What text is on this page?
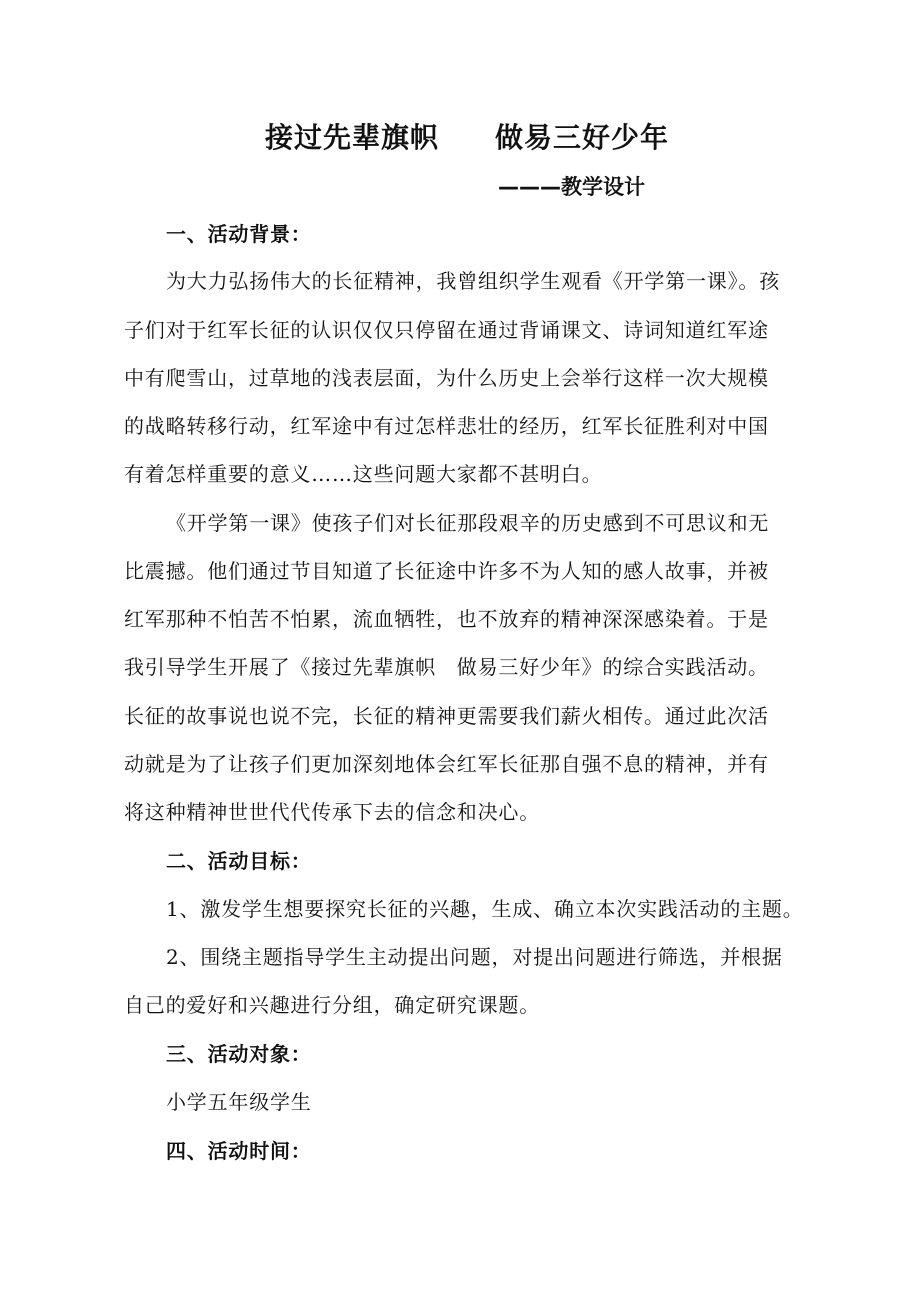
接过先辈旗帜 做易三好少年
———教学设计
一、活动背景：
为大力弘扬伟大的长征精神，我曾组织学生观看《开学第一课》。孩
子们对于红军长征的认识仅仅只停留在通过背诵课文、诗词知道红军途
中有爬雪山，过草地的浅表层面，为什么历史上会举行这样一次大规模
的战略转移行动，红军途中有过怎样悲壮的经历，红军长征胜利对中国
有着怎样重要的意义……这些问题大家都不甚明白。
《开学第一课》使孩子们对长征那段艰辛的历史感到不可思议和无
比震撼。他们通过节目知道了长征途中许多不为人知的感人故事，并被
红军那种不怕苦不怕累，流血牺牲，也不放弃的精神深深感染着。于是
我引导学生开展了《接过先辈旗帜　做易三好少年》的综合实践活动。
长征的故事说也说不完，长征的精神更需要我们薪火相传。通过此次活
动就是为了让孩子们更加深刻地体会红军长征那自强不息的精神，并有
将这种精神世世代代传承下去的信念和决心。
二、活动目标：
1、激发学生想要探究长征的兴趣，生成、确立本次实践活动的主题。
2、围绕主题指导学生主动提出问题，对提出问题进行筛选，并根据
自己的爱好和兴趣进行分组，确定研究课题。
三、活动对象：
小学五年级学生
四、活动时间：
